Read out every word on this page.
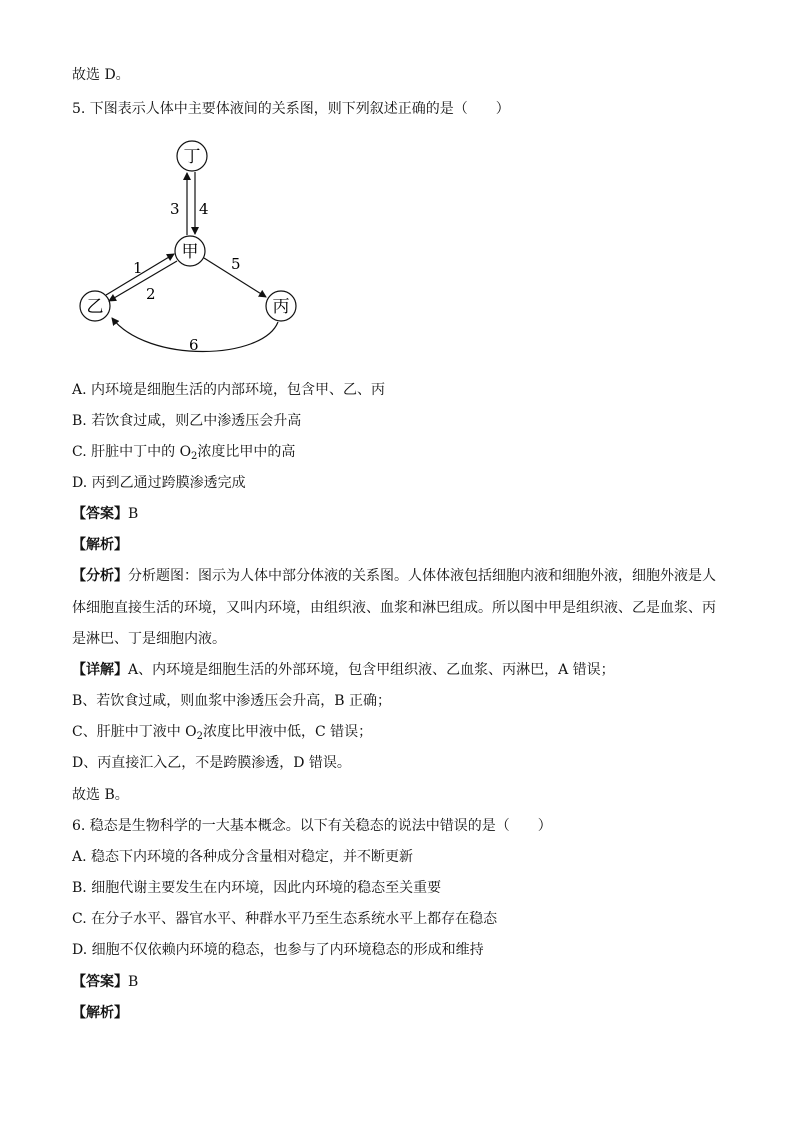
故选 D。
5. 下图表示人体中主要体液间的关系图，则下列叙述正确的是（　　）
丁
甲
乙	丙
3 4
1
2
5
6
A. 内环境是细胞生活的内部环境，包含甲、乙、丙
B. 若饮食过咸，则乙中渗透压会升高
C. 肝脏中丁中的 $O_2$浓度比甲中的高
D. 丙到乙通过跨膜渗透完成
【答案】B
【解析】
【分析】分析题图：图示为人体中部分体液的关系图。人体体液包括细胞内液和细胞外液，细胞外液是人
体细胞直接生活的环境，又叫内环境，由组织液、血浆和淋巴组成。所以图中甲是组织液、乙是血浆、丙
是淋巴、丁是细胞内液。
【详解】A、内环境是细胞生活的外部环境，包含甲组织液、乙血浆、丙淋巴，A 错误；
B、若饮食过咸，则血浆中渗透压会升高，B 正确；
C、肝脏中丁液中 $O_2$浓度比甲液中低，C 错误；
D、丙直接汇入乙，不是跨膜渗透，D 错误。
故选 B。
6. 稳态是生物科学的一大基本概念。以下有关稳态的说法中错误的是（　　）
A. 稳态下内环境的各种成分含量相对稳定，并不断更新
B. 细胞代谢主要发生在内环境，因此内环境的稳态至关重要
C. 在分子水平、器官水平、种群水平乃至生态系统水平上都存在稳态
D. 细胞不仅依赖内环境的稳态，也参与了内环境稳态的形成和维持
【答案】B
【解析】
